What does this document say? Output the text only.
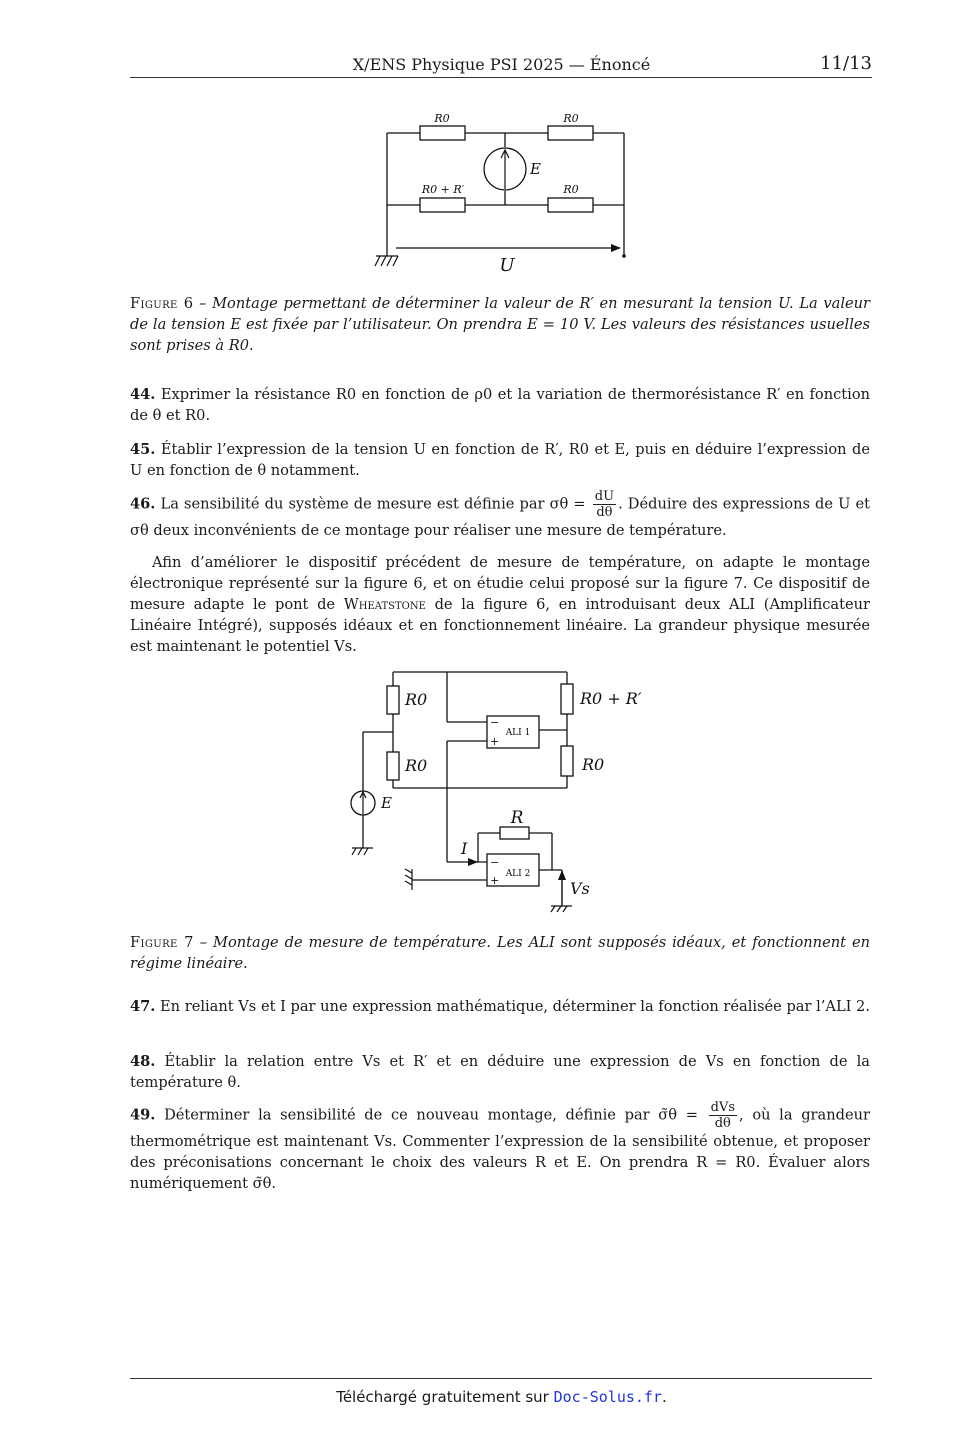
X/ENS Physique PSI 2025 — Énoncé	11/13
R0	R0
R0 + R′	R0
E
U
Figure 6 – Montage permettant de déterminer la valeur de R′ en mesurant la tension U. La valeur de la tension E est fixée par l’utilisateur. On prendra E = 10 V. Les valeurs des résistances usuelles sont prises à R0.
44. Exprimer la résistance R0 en fonction de ρ0 et la variation de thermorésistance R′ en fonction de θ et R0.
45. Établir l’expression de la tension U en fonction de R′, R0 et E, puis en déduire l’expression de U en fonction de θ notamment.
46. La sensibilité du système de mesure est définie par $\sigma\theta = \frac{dU}{d\theta}$ . Déduire des expressions de U et σθ deux inconvénients de ce montage pour réaliser une mesure de température.
Afin d’améliorer le dispositif précédent de mesure de température, on adapte le montage électronique représenté sur la figure 6, et on étudie celui proposé sur la figure 7. Ce dispositif de mesure adapte le pont de Wheatstone de la figure 6, en introduisant deux ALI (Amplificateur Linéaire Intégré), supposés idéaux et en fonctionnement linéaire. La grandeur physique mesurée est maintenant le potentiel Vs.
R0
R0
R0 + R′
R0
R
ALI 1
ALI 2
−
+
−
+
E
I
Vs
Figure 7 – Montage de mesure de température. Les ALI sont supposés idéaux, et fonctionnent en régime linéaire.
47. En reliant Vs et I par une expression mathématique, déterminer la fonction réalisée par l’ALI 2.
48. Établir la relation entre Vs et R′ et en déduire une expression de Vs en fonction de la température θ.
49. Déterminer la sensibilité de ce nouveau montage, définie par σ̃θ = $\frac{\text{dVs}}{d\theta}$ , où la grandeur thermométrique est maintenant Vs. Commenter l’expression de la sensibilité obtenue, et proposer des préconisations concernant le choix des valeurs R et E. On prendra R = R0. Évaluer alors numériquement σ̃θ.
Téléchargé gratuitement sur Doc-Solus.fr.
